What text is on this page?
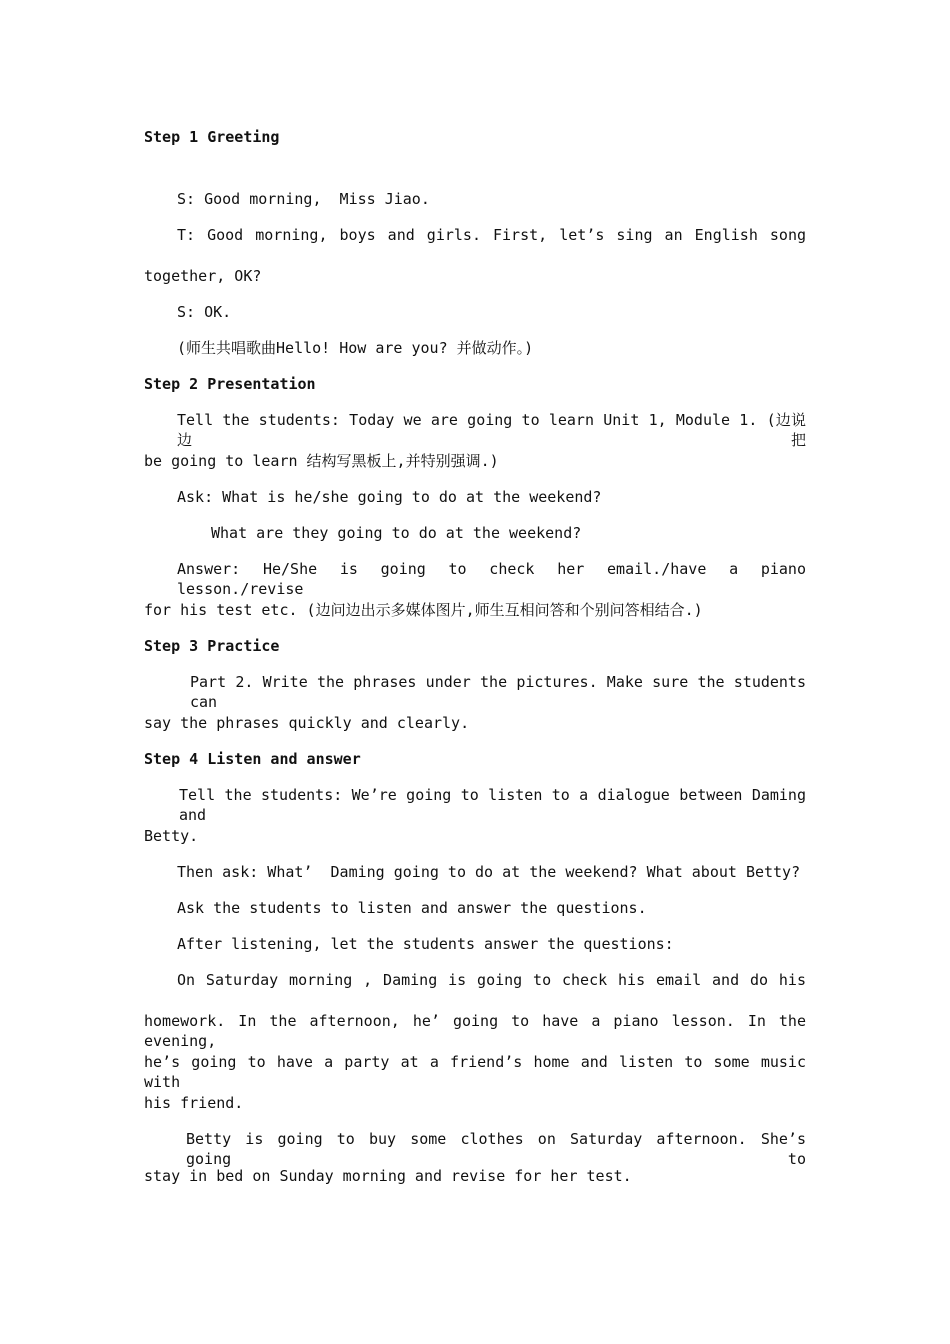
Step 1 Greeting
S: Good morning,  Miss Jiao.
T: Good morning, boys and girls. First, let’s sing an English song
together, OK?
S: OK.
(师生共唱歌曲Hello! How are you? 并做动作。)
Step 2 Presentation
Tell the students: Today we are going to learn Unit 1, Module 1. (边说边把
be going to learn 结构写黑板上,并特别强调.)
Ask: What is he/she going to do at the weekend?
What are they going to do at the weekend?
Answer: He/She is going to check her email./have a piano lesson./revise
for his test etc. (边问边出示多媒体图片,师生互相问答和个别问答相结合.)
Step 3 Practice
Part 2. Write the phrases under the pictures. Make sure the students can
say the phrases quickly and clearly.
Step 4 Listen and answer
Tell the students: We’re going to listen to a dialogue between Daming and
Betty.
Then ask: What’  Daming going to do at the weekend? What about Betty?
Ask the students to listen and answer the questions.
After listening, let the students answer the questions:
On Saturday morning , Daming is going to check his email and do his
homework. In the afternoon, he’ going to have a piano lesson. In the evening,
he’s going to have a party at a friend’s home and listen to some music with
his friend.
Betty is going to buy some clothes on Saturday afternoon. She’s going to
stay in bed on Sunday morning and revise for her test.
